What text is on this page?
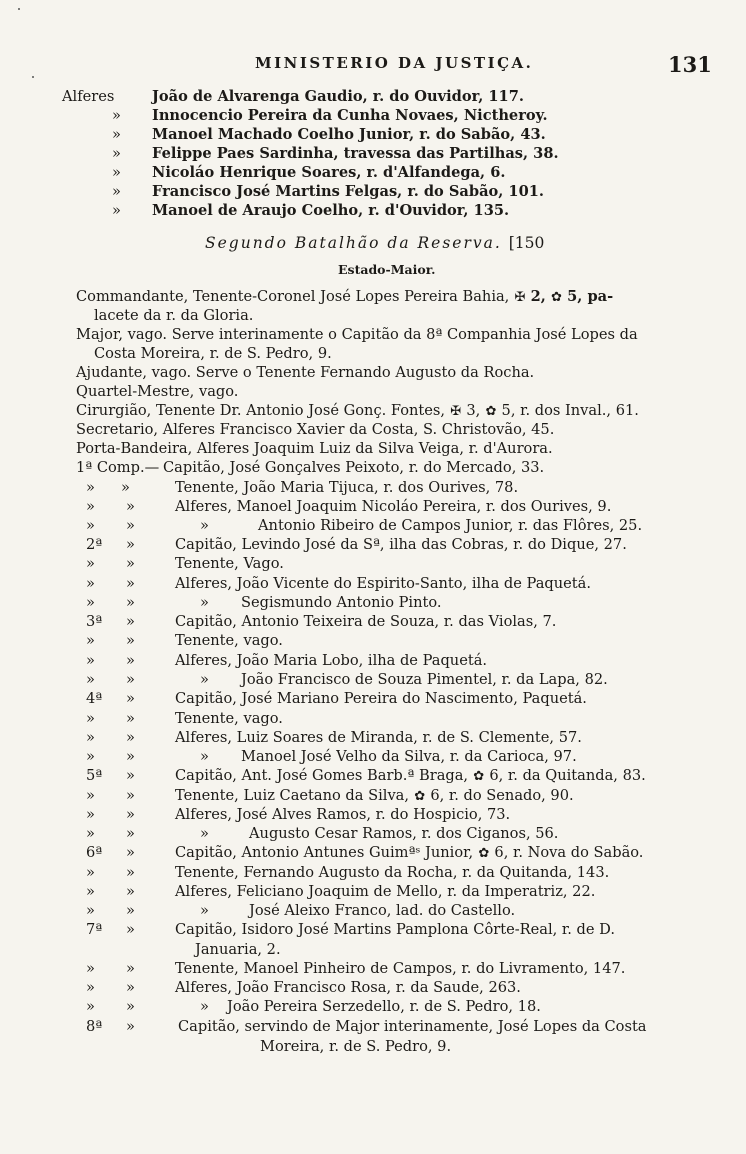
MINISTERIO DA JUSTIÇA.	131
Alferes	João de Alvarenga Gaudio, r. do Ouvidor, 117.
» Innocencio Pereira da Cunha Novaes, Nictheroy.
» Manoel Machado Coelho Junior, r. do Sabão, 43.
» Felippe Paes Sardinha, travessa das Partilhas, 38.
» Nicoláo Henrique Soares, r. d'Alfandega, 6.
» Francisco José Martins Felgas, r. do Sabão, 101.
» Manoel de Araujo Coelho, r. d'Ouvidor, 135.
Segundo Batalhão da Reserva. [150
Estado-Maior.
Commandante, Tenente-Coronel José Lopes Pereira Bahia, ✠ 2, ✿ 5, pa-
lacete da r. da Gloria.
Major, vago. Serve interinamente o Capitão da 8ª Companhia José Lopes da
Costa Moreira, r. de S. Pedro, 9.
Ajudante, vago. Serve o Tenente Fernando Augusto da Rocha.
Quartel-Mestre, vago.
Cirurgião, Tenente Dr. Antonio José Gonç. Fontes, ✠ 3, ✿ 5, r. dos Inval., 61.
Secretario, Alferes Francisco Xavier da Costa, S. Christovão, 45.
Porta-Bandeira, Alferes Joaquim Luiz da Silva Veiga, r. d'Aurora.
1ª Comp.— Capitão, José Gonçalves Peixoto, r. do Mercado, 33.
» »	Tenente, João Maria Tijuca, r. dos Ourives, 78.
» »	Alferes, Manoel Joaquim Nicoláo Pereira, r. dos Ourives, 9.
» »	»	Antonio Ribeiro de Campos Junior, r. das Flôres, 25.
2ª »	Capitão, Levindo José da Sª, ilha das Cobras, r. do Dique, 27.
» »	Tenente, Vago.
» »	Alferes, João Vicente do Espirito-Santo, ilha de Paquetá.
» »	» Segismundo Antonio Pinto.
3ª »	Capitão, Antonio Teixeira de Souza, r. das Violas, 7.
» »	Tenente, vago.
» »	Alferes, João Maria Lobo, ilha de Paquetá.
» »	» João Francisco de Souza Pimentel, r. da Lapa, 82.
4ª »	Capitão, José Mariano Pereira do Nascimento, Paquetá.
» »	Tenente, vago.
» »	Alferes, Luiz Soares de Miranda, r. de S. Clemente, 57.
» »	» Manoel José Velho da Silva, r. da Carioca, 97.
5ª »	Capitão, Ant. José Gomes Barb.ª Braga, ✿ 6, r. da Quitanda, 83.
» »	Tenente, Luiz Caetano da Silva, ✿ 6, r. do Senado, 90.
» »	Alferes, José Alves Ramos, r. do Hospicio, 73.
» »	»	Augusto Cesar Ramos, r. dos Ciganos, 56.
6ª »	Capitão, Antonio Antunes Guimªˢ Junior, ✿ 6, r. Nova do Sabão.
» »	Tenente, Fernando Augusto da Rocha, r. da Quitanda, 143.
» »	Alferes, Feliciano Joaquim de Mello, r. da Imperatriz, 22.
» »	»	José Aleixo Franco, lad. do Castello.
7ª »	Capitão, Isidoro José Martins Pamplona Côrte-Real, r. de D.
Januaria, 2.
» »	Tenente, Manoel Pinheiro de Campos, r. do Livramento, 147.
» »	Alferes, João Francisco Rosa, r. da Saude, 263.
» »	» João Pereira Serzedello, r. de S. Pedro, 18.
8ª »	Capitão, servindo de Major interinamente, José Lopes da Costa
Moreira, r. de S. Pedro, 9.
